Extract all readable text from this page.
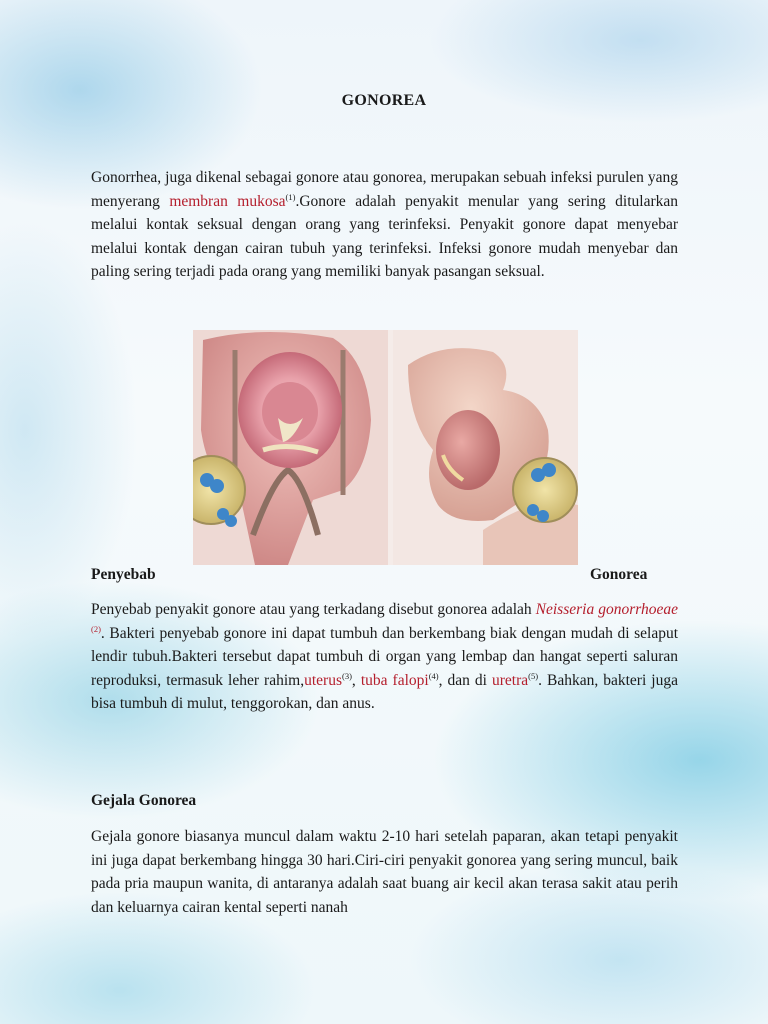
GONOREA

Gonorrhea, juga dikenal sebagai gonore atau gonorea, merupakan sebuah infeksi purulen yang menyerang membran mukosa$^{(1)}$.Gonore adalah penyakit menular yang sering ditularkan melalui kontak seksual dengan orang yang terinfeksi. Penyakit gonore dapat menyebar melalui kontak dengan cairan tubuh yang terinfeksi. Infeksi gonore mudah menyebar dan paling sering terjadi pada orang yang memiliki banyak pasangan seksual.

Penyebab	Gonorea

Penyebab penyakit gonore atau yang terkadang disebut gonorea adalah Neisseria gonorrhoeae $^{(2)}$. Bakteri penyebab gonore ini dapat tumbuh dan berkembang biak dengan mudah di selaput lendir tubuh.Bakteri tersebut dapat tumbuh di organ yang lembap dan hangat seperti saluran reproduksi, termasuk leher rahim,uterus$^{(3)}$, tuba falopi$^{(4)}$, dan di uretra$^{(5)}$. Bahkan, bakteri juga bisa tumbuh di mulut, tenggorokan, dan anus.

Gejala Gonorea

Gejala gonore biasanya muncul dalam waktu 2-10 hari setelah paparan, akan tetapi penyakit ini juga dapat berkembang hingga 30 hari.Ciri-ciri penyakit gonorea yang sering muncul, baik pada pria maupun wanita, di antaranya adalah saat buang air kecil akan terasa sakit atau perih dan keluarnya cairan kental seperti nanah
